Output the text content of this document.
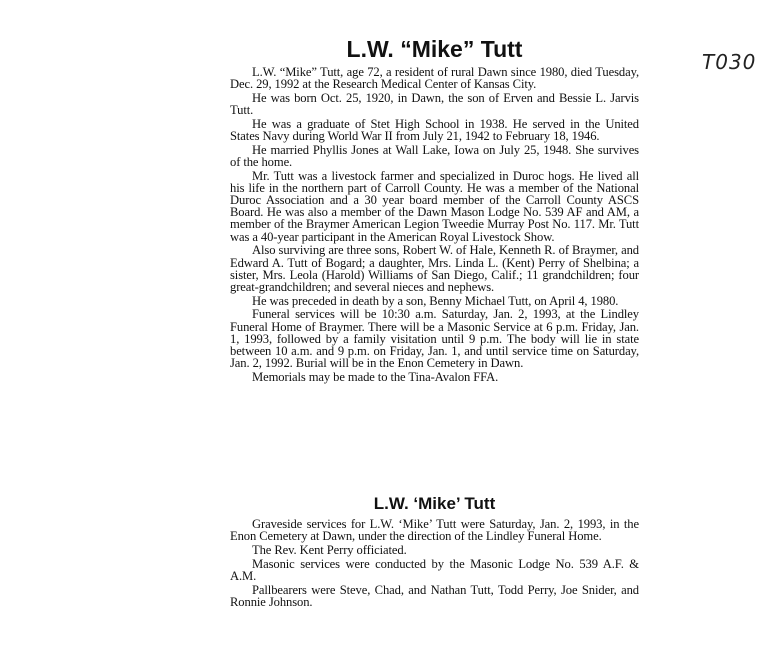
T030
L.W. “Mike” Tutt

L.W. “Mike” Tutt, age 72, a resident of rural Dawn since 1980, died Tuesday, Dec. 29, 1992 at the Research Medical Center of Kansas City.

He was born Oct. 25, 1920, in Dawn, the son of Erven and Bessie L. Jarvis Tutt.

He was a graduate of Stet High School in 1938. He served in the United States Navy during World War II from July 21, 1942 to February 18, 1946.

He married Phyllis Jones at Wall Lake, Iowa on July 25, 1948. She survives of the home.

Mr. Tutt was a livestock farmer and specialized in Duroc hogs. He lived all his life in the northern part of Carroll County. He was a member of the National Duroc Association and a 30 year board member of the Carroll County ASCS Board. He was also a member of the Dawn Mason Lodge No. 539 AF and AM, a member of the Braymer American Legion Tweedie Murray Post No. 117. Mr. Tutt was a 40-year participant in the American Royal Livestock Show.

Also surviving are three sons, Robert W. of Hale, Kenneth R. of Braymer, and Edward A. Tutt of Bogard; a daughter, Mrs. Linda L. (Kent) Perry of Shelbina; a sister, Mrs. Leola (Harold) Williams of San Diego, Calif.; 11 grandchildren; four great-grandchildren; and several nieces and nephews.

He was preceded in death by a son, Benny Michael Tutt, on April 4, 1980.

Funeral services will be 10:30 a.m. Saturday, Jan. 2, 1993, at the Lindley Funeral Home of Braymer. There will be a Masonic Service at 6 p.m. Friday, Jan. 1, 1993, followed by a family visitation until 9 p.m. The body will lie in state between 10 a.m. and 9 p.m. on Friday, Jan. 1, and until service time on Saturday, Jan. 2, 1992. Burial will be in the Enon Cemetery in Dawn.

Memorials may be made to the Tina-Avalon FFA.

L.W. ‘Mike’ Tutt

Graveside services for L.W. ‘Mike’ Tutt were Saturday, Jan. 2, 1993, in the Enon Cemetery at Dawn, under the direction of the Lindley Funeral Home.

The Rev. Kent Perry officiated.

Masonic services were conducted by the Masonic Lodge No. 539 A.F. & A.M.

Pallbearers were Steve, Chad, and Nathan Tutt, Todd Perry, Joe Snider, and Ronnie Johnson.
